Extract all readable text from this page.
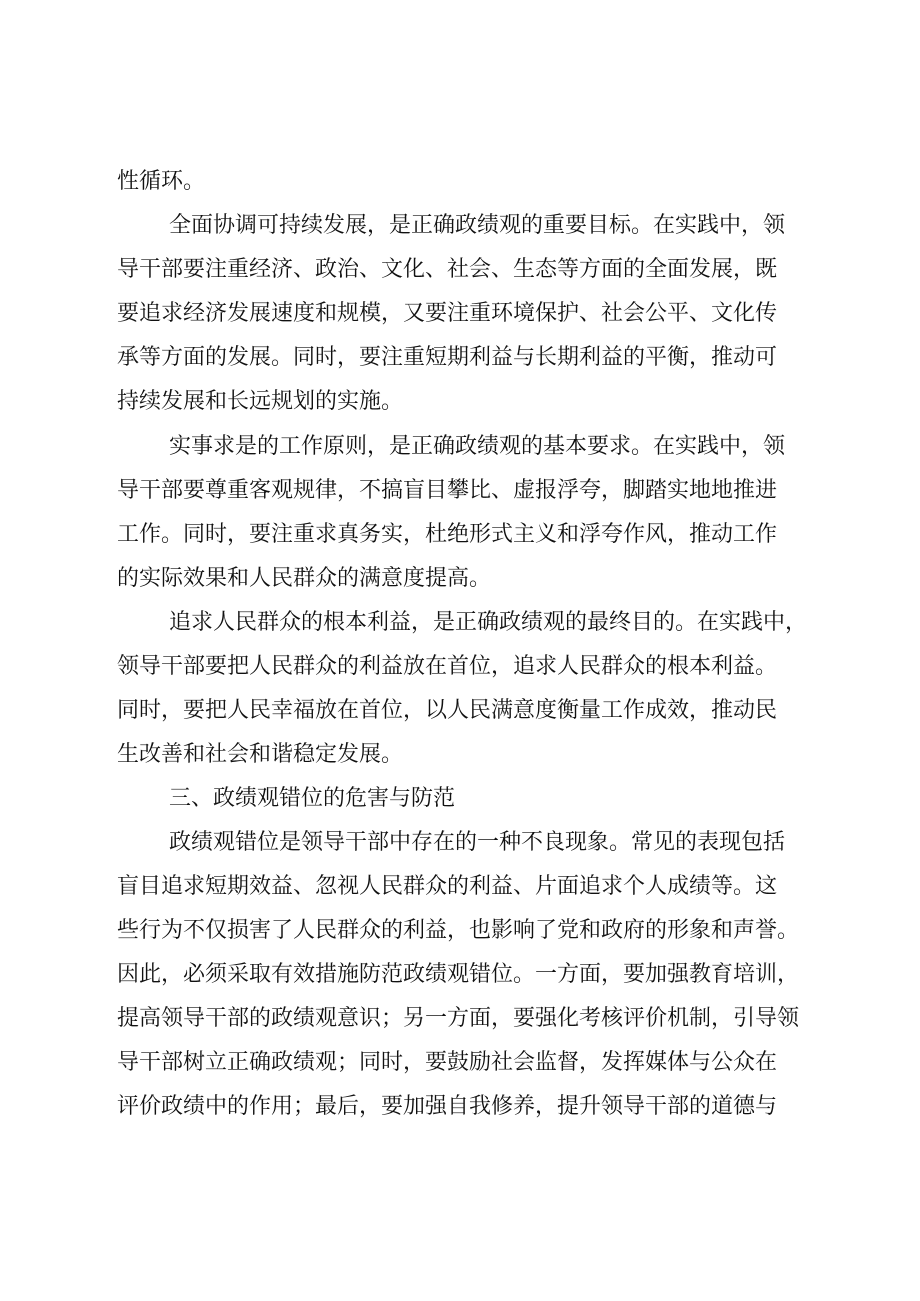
性循环。
全面协调可持续发展，是正确政绩观的重要目标。在实践中，领
导干部要注重经济、政治、文化、社会、生态等方面的全面发展，既
要追求经济发展速度和规模，又要注重环境保护、社会公平、文化传
承等方面的发展。同时，要注重短期利益与长期利益的平衡，推动可
持续发展和长远规划的实施。
实事求是的工作原则，是正确政绩观的基本要求。在实践中，领
导干部要尊重客观规律，不搞盲目攀比、虚报浮夸，脚踏实地地推进
工作。同时，要注重求真务实，杜绝形式主义和浮夸作风，推动工作
的实际效果和人民群众的满意度提高。
追求人民群众的根本利益，是正确政绩观的最终目的。在实践中，
领导干部要把人民群众的利益放在首位，追求人民群众的根本利益。
同时，要把人民幸福放在首位，以人民满意度衡量工作成效，推动民
生改善和社会和谐稳定发展。
三、政绩观错位的危害与防范
政绩观错位是领导干部中存在的一种不良现象。常见的表现包括
盲目追求短期效益、忽视人民群众的利益、片面追求个人成绩等。这
些行为不仅损害了人民群众的利益，也影响了党和政府的形象和声誉。
因此，必须采取有效措施防范政绩观错位。一方面，要加强教育培训，
提高领导干部的政绩观意识；另一方面，要强化考核评价机制，引导领
导干部树立正确政绩观；同时，要鼓励社会监督，发挥媒体与公众在
评价政绩中的作用；最后，要加强自我修养，提升领导干部的道德与
